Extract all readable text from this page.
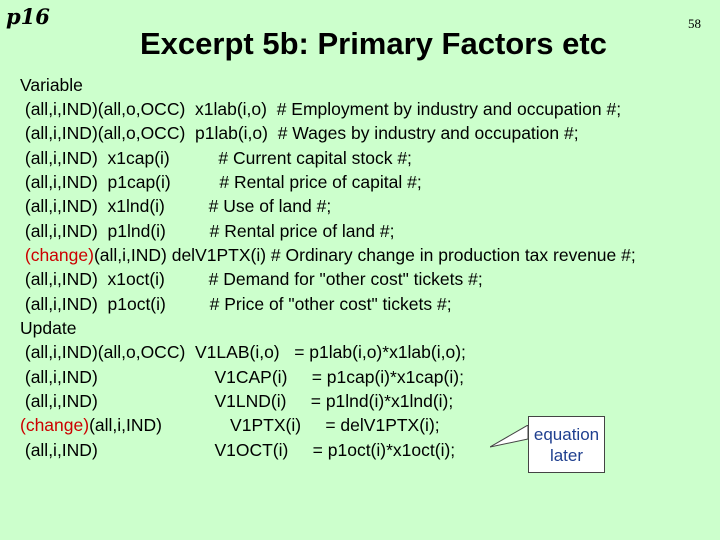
p16
Excerpt 5b: Primary Factors etc
58
Variable
(all,i,IND)(all,o,OCC)  x1lab(i,o)  # Employment by industry and occupation #;
(all,i,IND)(all,o,OCC)  p1lab(i,o)  # Wages by industry and occupation #;
(all,i,IND)  x1cap(i)          # Current capital stock #;
(all,i,IND)  p1cap(i)          # Rental price of capital #;
(all,i,IND)  x1lnd(i)         # Use of land #;
(all,i,IND)  p1lnd(i)         # Rental price of land #;
(change)(all,i,IND) delV1PTX(i) # Ordinary change in production tax revenue #;
(all,i,IND)  x1oct(i)         # Demand for "other cost" tickets #;
(all,i,IND)  p1oct(i)         # Price of "other cost" tickets #;
Update
(all,i,IND)(all,o,OCC)  V1LAB(i,o)   = p1lab(i,o)*x1lab(i,o);
(all,i,IND)                        V1CAP(i)     = p1cap(i)*x1cap(i);
(all,i,IND)                        V1LND(i)     = p1lnd(i)*x1lnd(i);
(change)(all,i,IND)              V1PTX(i)     = delV1PTX(i);
(all,i,IND)                        V1OCT(i)     = p1oct(i)*x1oct(i);
equation
later
